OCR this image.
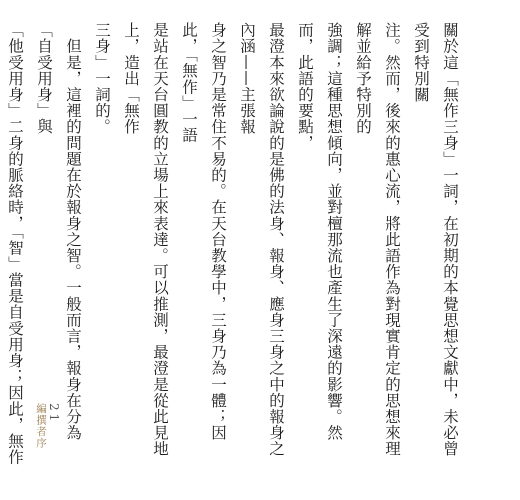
關於這「無作三身」一詞，在初期的本覺思想文獻中，未必曾受到特別關

注。然而，後來的惠心流，將此語作為對現實肯定的思想來理解並給予特別的

強調；這種思想傾向，並對檀那流也產生了深遠的影響。然而，此語的要點，

最澄本來欲論說的是佛的法身、報身、應身三身之中的報身之內涵——主張報

身之智乃是常住不易的。在天台教學中，三身乃為一體；因此，「無作」一語

是站在天台圓教的立場上來表達。可以推測，最澄是從此見地上，造出「無作

三身」一詞的。

　但是，這裡的問題在於報身之智。一般而言，報身在分為「自受用身」與

「他受用身」二身的脈絡時，「智」當是自受用身；因此，無作

編撰者序 21
